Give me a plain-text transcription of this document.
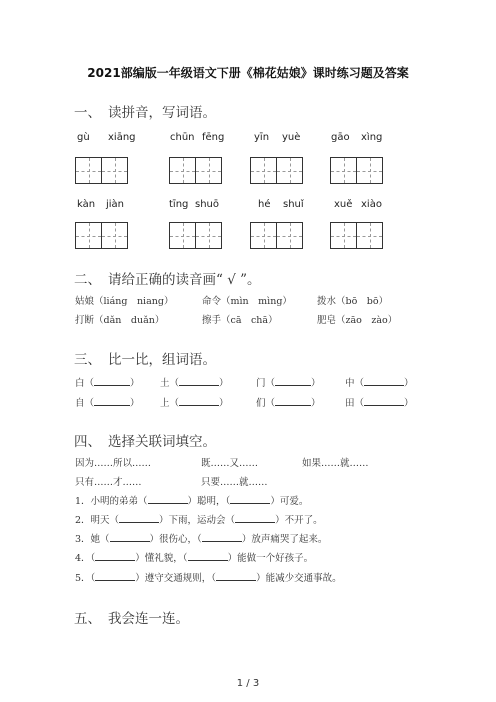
2021部编版一年级语文下册《棉花姑娘》课时练习题及答案
一、 读拼音，写词语。
gù xiāng	chūn fēng	yīn yuè	gāo xìng
kàn jiàn	tīng shuō	hé shuǐ	xuě xiào
二、 请给正确的读音画“ √ ”。
姑娘（liáng　niang）	命令（mìn　mìng）	拨水（bō　bō）
打断（dǎn　duǎn）	擦手（cā　chā）	肥皂（zāo　zào）
三、 比一比，组词语。
白（	） 土（	）	门（	）	中（	）
自（	） 上（	）	们（	）	田（	）
四、 选择关联词填空。
因为……所以……	既……又……	如果……就……
只有……才……	只要……就……
1．小明的弟弟（	）聪明，（	）可爱。
2．明天（	）下雨，运动会（	）不开了。
3．她（	）很伤心，（	）放声痛哭了起来。
4．（	）懂礼貌，（	）能做一个好孩子。
5．（	）遵守交通规则，（	）能减少交通事故。
五、 我会连一连。
1 / 3
